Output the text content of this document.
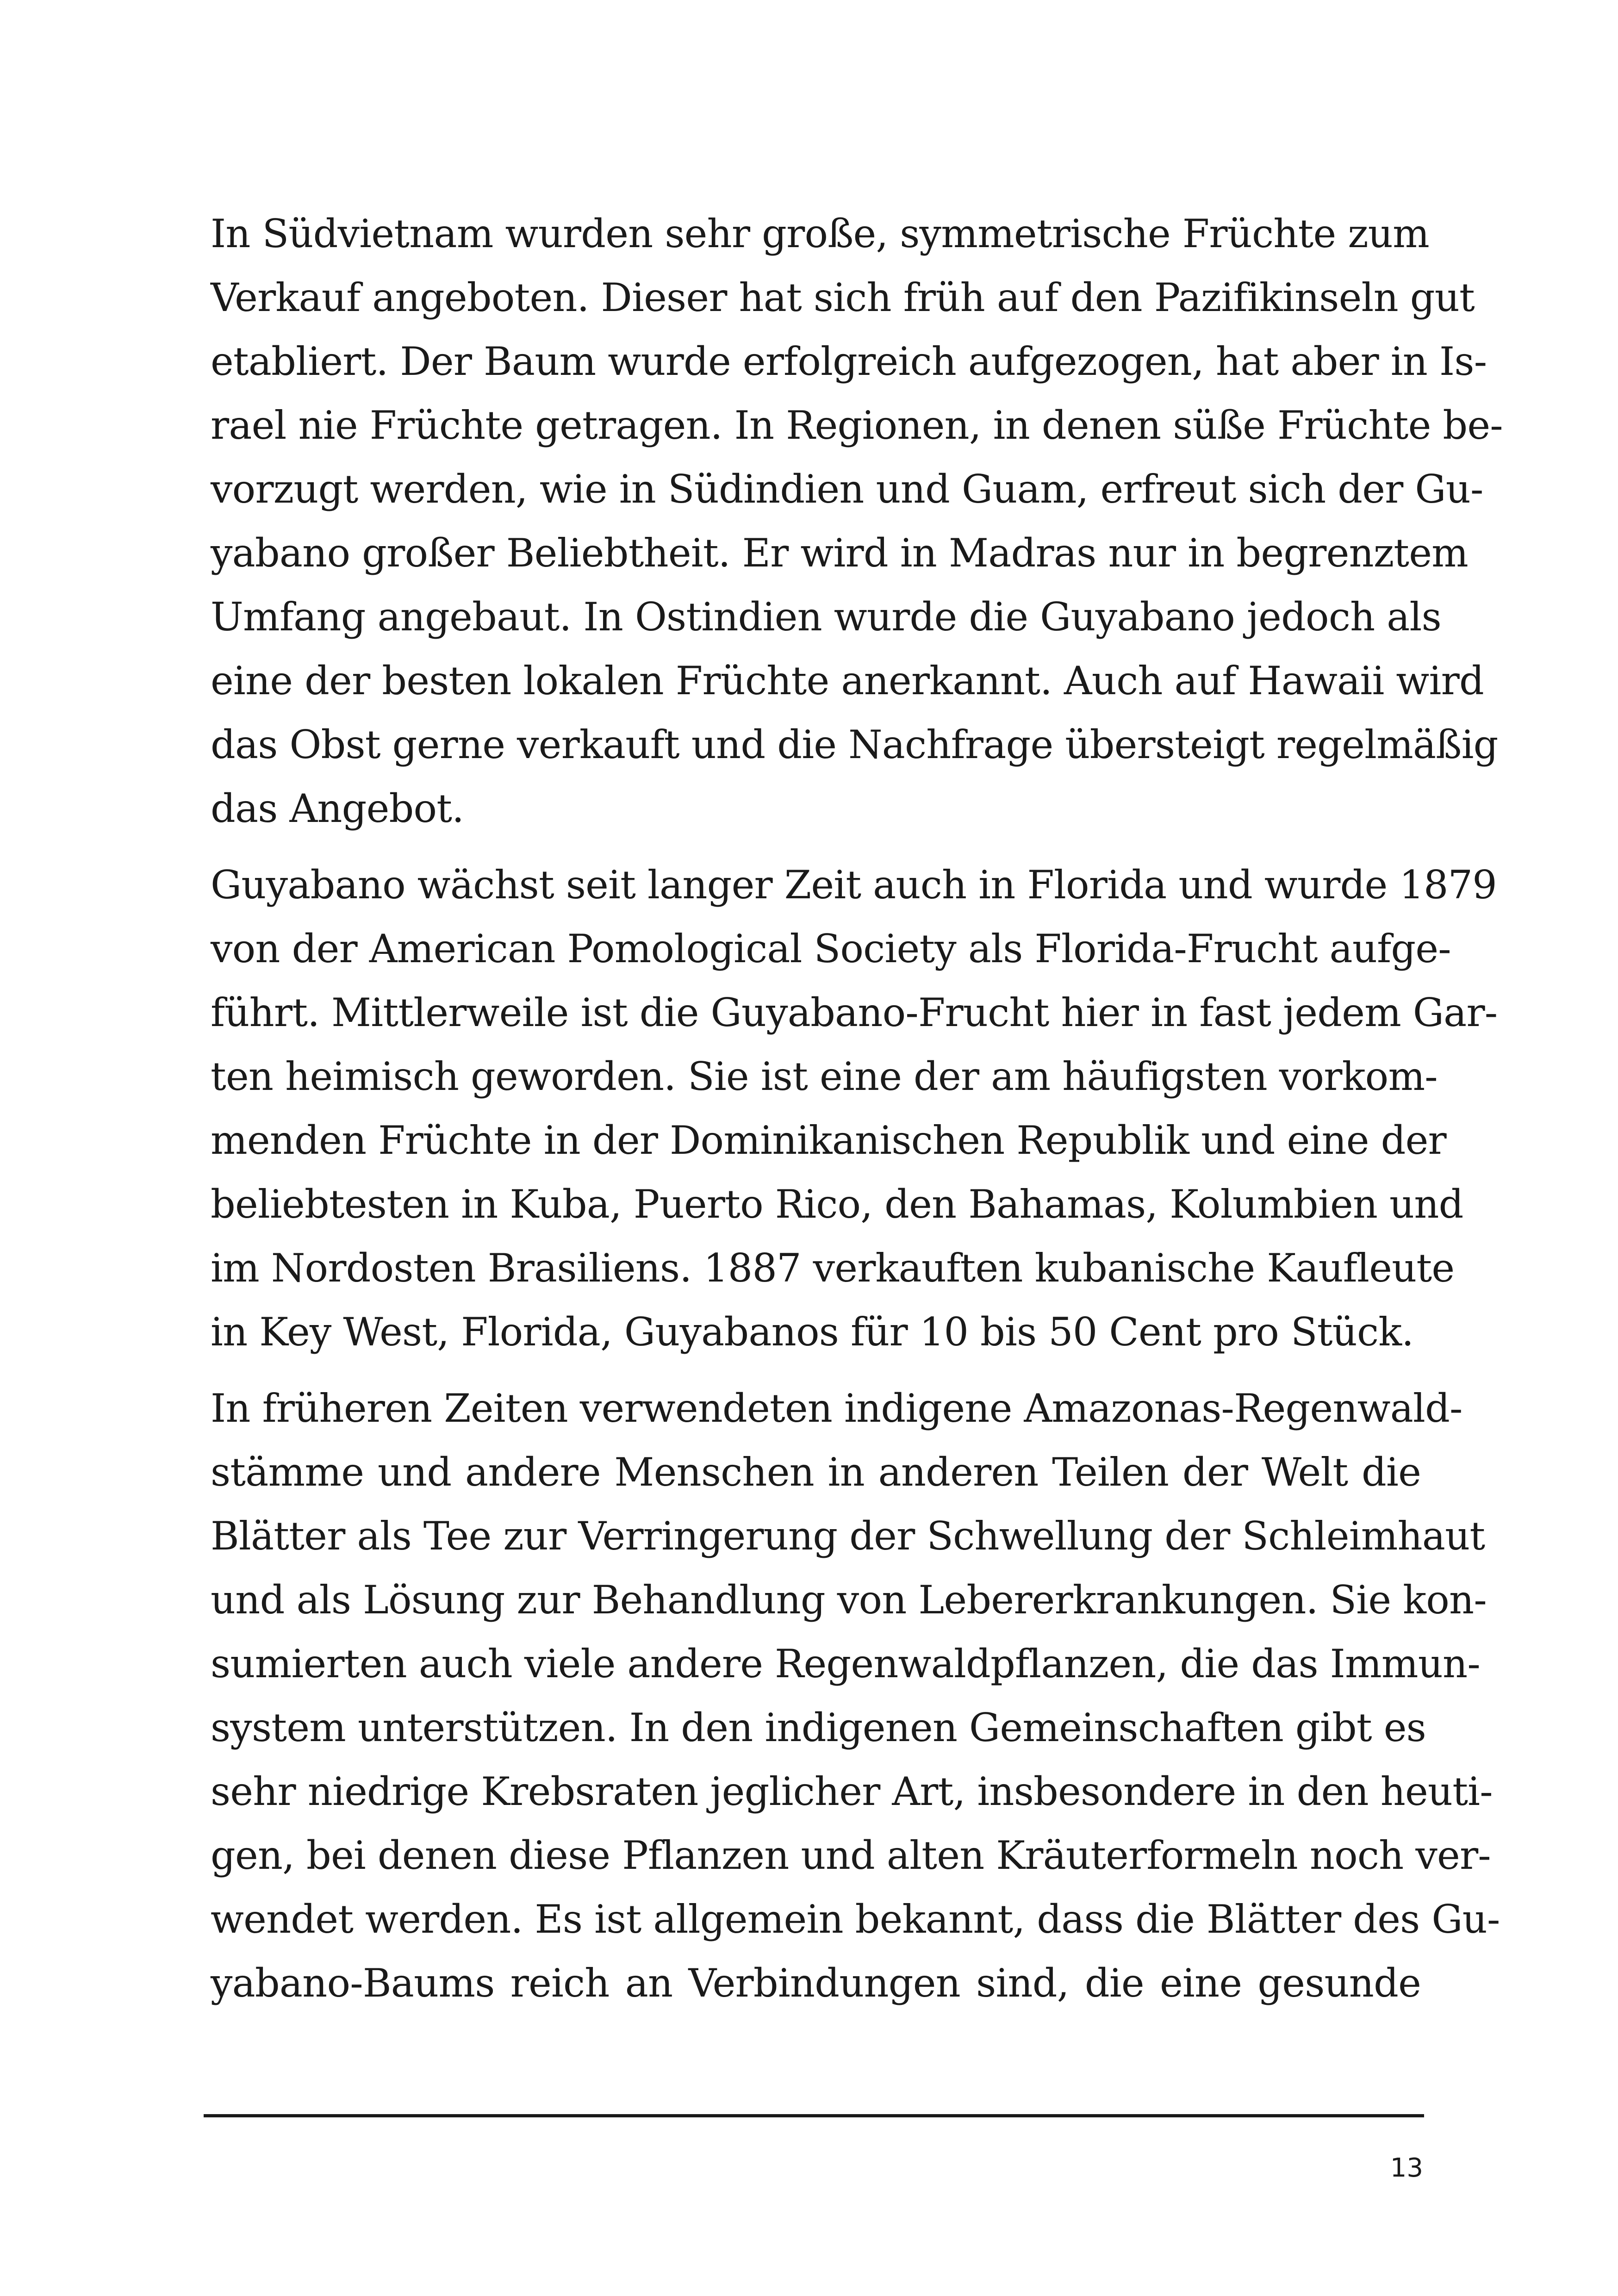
In Südvietnam wurden sehr große, symmetrische Früchte zum
Verkauf angeboten. Dieser hat sich früh auf den Pazifikinseln gut
etabliert. Der Baum wurde erfolgreich aufgezogen, hat aber in Is-
rael nie Früchte getragen. In Regionen, in denen süße Früchte be-
vorzugt werden, wie in Südindien und Guam, erfreut sich der Gu-
yabano großer Beliebtheit. Er wird in Madras nur in begrenztem
Umfang angebaut. In Ostindien wurde die Guyabano jedoch als
eine der besten lokalen Früchte anerkannt. Auch auf Hawaii wird
das Obst gerne verkauft und die Nachfrage übersteigt regelmäßig
das Angebot.
Guyabano wächst seit langer Zeit auch in Florida und wurde 1879
von der American Pomological Society als Florida-Frucht aufge-
führt. Mittlerweile ist die Guyabano-Frucht hier in fast jedem Gar-
ten heimisch geworden. Sie ist eine der am häufigsten vorkom-
menden Früchte in der Dominikanischen Republik und eine der
beliebtesten in Kuba, Puerto Rico, den Bahamas, Kolumbien und
im Nordosten Brasiliens. 1887 verkauften kubanische Kaufleute
in Key West, Florida, Guyabanos für 10 bis 50 Cent pro Stück.
In früheren Zeiten verwendeten indigene Amazonas-Regenwald-
stämme und andere Menschen in anderen Teilen der Welt die
Blätter als Tee zur Verringerung der Schwellung der Schleimhaut
und als Lösung zur Behandlung von Lebererkrankungen. Sie kon-
sumierten auch viele andere Regenwaldpflanzen, die das Immun-
system unterstützen. In den indigenen Gemeinschaften gibt es
sehr niedrige Krebsraten jeglicher Art, insbesondere in den heuti-
gen, bei denen diese Pflanzen und alten Kräuterformeln noch ver-
wendet werden. Es ist allgemein bekannt, dass die Blätter des Gu-
yabano-Baums reich an Verbindungen sind, die eine gesunde
13
